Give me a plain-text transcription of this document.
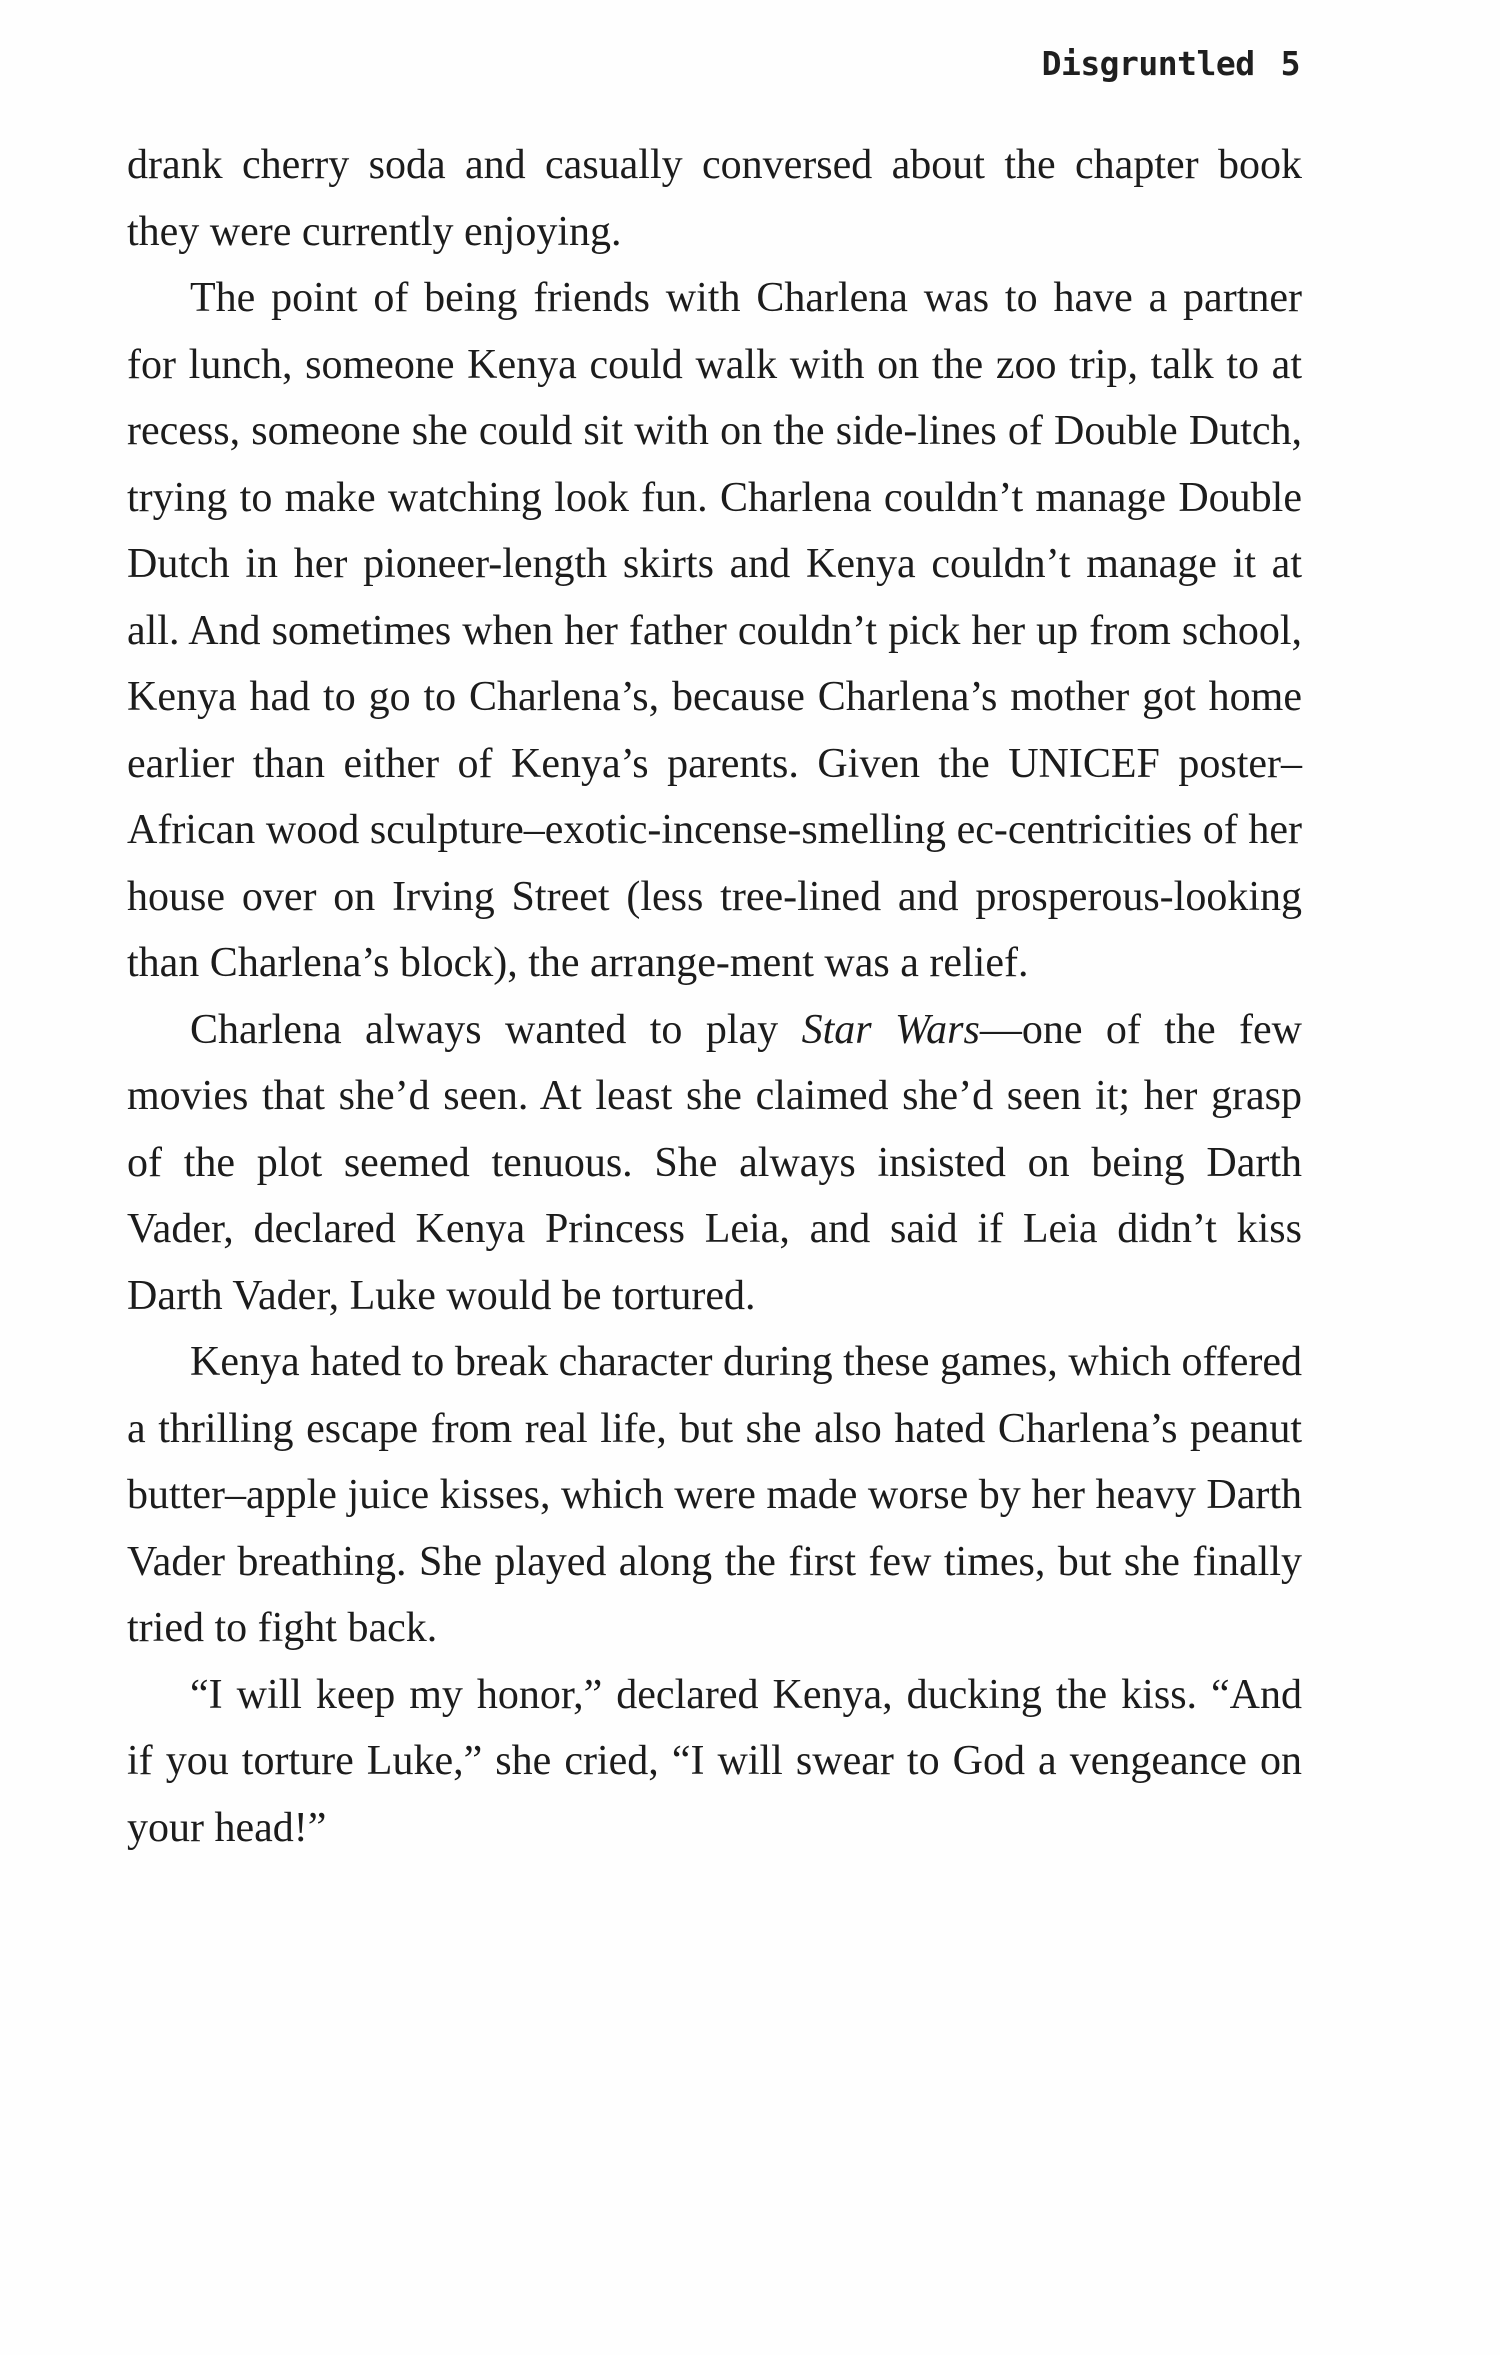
Disgruntled 5

drank cherry soda and casually conversed about the chapter book they were currently enjoying.

The point of being friends with Charlena was to have a partner for lunch, someone Kenya could walk with on the zoo trip, talk to at recess, someone she could sit with on the side-lines of Double Dutch, trying to make watching look fun. Charlena couldn’t manage Double Dutch in her pioneer-length skirts and Kenya couldn’t manage it at all. And sometimes when her father couldn’t pick her up from school, Kenya had to go to Charlena’s, because Charlena’s mother got home earlier than either of Kenya’s parents. Given the UNICEF poster–African wood sculpture–exotic-incense-smelling ec-centricities of her house over on Irving Street (less tree-lined and prosperous-looking than Charlena’s block), the arrange-ment was a relief.

Charlena always wanted to play Star Wars—one of the few movies that she’d seen. At least she claimed she’d seen it; her grasp of the plot seemed tenuous. She always insisted on being Darth Vader, declared Kenya Princess Leia, and said if Leia didn’t kiss Darth Vader, Luke would be tortured.

Kenya hated to break character during these games, which offered a thrilling escape from real life, but she also hated Charlena’s peanut butter–apple juice kisses, which were made worse by her heavy Darth Vader breathing. She played along the first few times, but she finally tried to fight back.

“I will keep my honor,” declared Kenya, ducking the kiss. “And if you torture Luke,” she cried, “I will swear to God a vengeance on your head!”
